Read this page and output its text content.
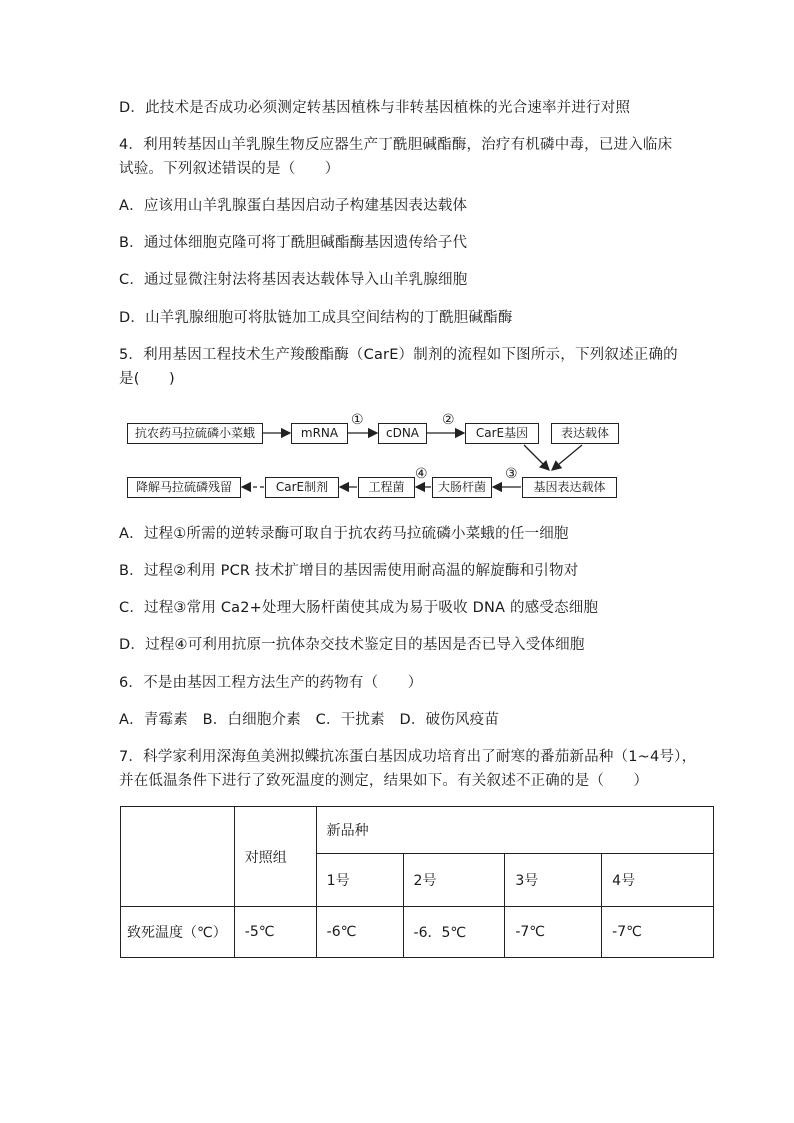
D．此技术是否成功必须测定转基因植株与非转基因植株的光合速率并进行对照
4．利用转基因山羊乳腺生物反应器生产丁酰胆碱酯酶，治疗有机磷中毒，已进入临床
试验。下列叙述错误的是（　　）
A．应该用山羊乳腺蛋白基因启动子构建基因表达载体
B．通过体细胞克隆可将丁酰胆碱酯酶基因遗传给子代
C．通过显微注射法将基因表达载体导入山羊乳腺细胞
D．山羊乳腺细胞可将肽链加工成具空间结构的丁酰胆碱酯酶
5．利用基因工程技术生产羧酸酯酶（CarE）制剂的流程如下图所示，下列叙述正确的
是(　　)
抗农药马拉硫磷小菜蛾	mRNA	cDNA	CarE基因	表达载体
基因表达载体
大肠杆菌
工程菌
CarE制剂
降解马拉硫磷残留
①	②
③
④
A．过程①所需的逆转录酶可取自于抗农药马拉硫磷小菜蛾的任一细胞
B．过程②利用 PCR 技术扩增目的基因需使用耐高温的解旋酶和引物对
C．过程③常用 Ca2+处理大肠杆菌使其成为易于吸收 DNA 的感受态细胞
D．过程④可利用抗原一抗体杂交技术鉴定目的基因是否已导入受体细胞
6．不是由基因工程方法生产的药物有（　　）
A．青霉素　B．白细胞介素　C．干扰素　D．破伤风疫苗
7．科学家利用深海鱼美洲拟鲽抗冻蛋白基因成功培育出了耐寒的番茄新品种（1~4号），
并在低温条件下进行了致死温度的测定，结果如下。有关叙述不正确的是（　　）
	对照组	新品种			
		1号	2号	3号	4号
致死温度（℃）	-5℃	-6℃	-6．5℃	-7℃	-7℃
